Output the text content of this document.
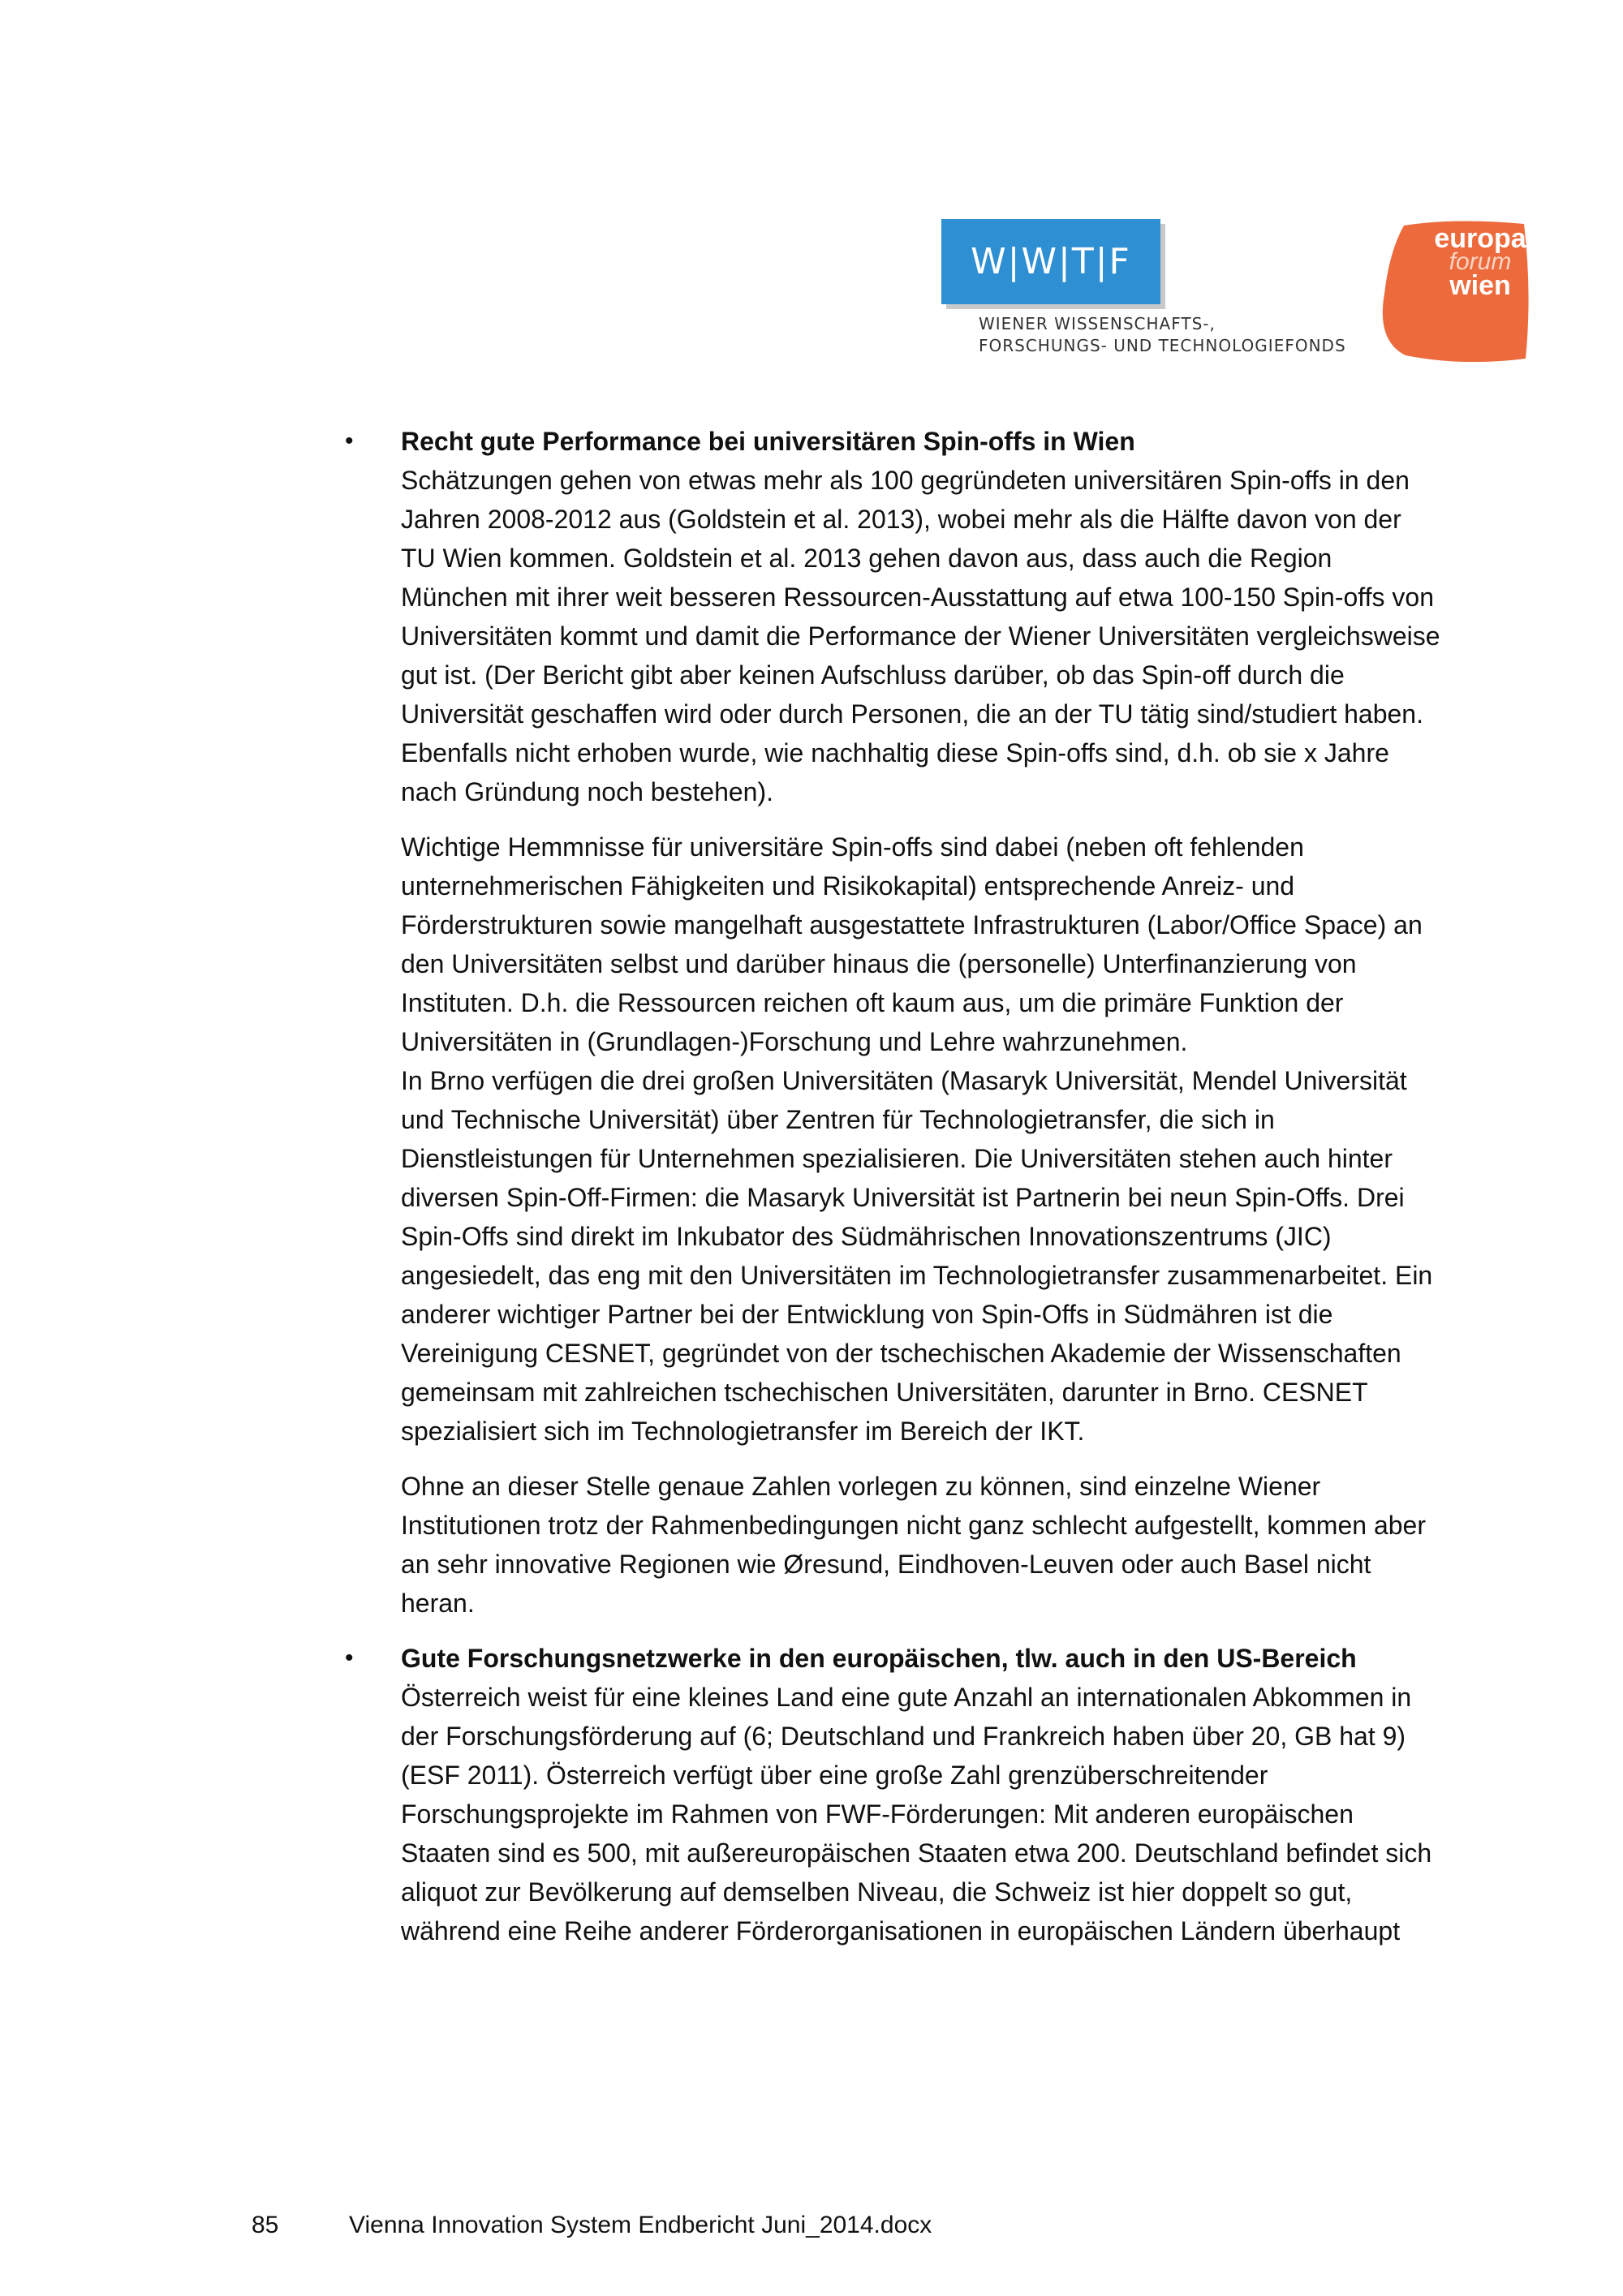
W|W|T|F
WIENER WISSENSCHAFTS-,
FORSCHUNGS- UND TECHNOLOGIEFONDS
europa
forum
wien
• Recht gute Performance bei universitären Spin-offs in Wien
Schätzungen gehen von etwas mehr als 100 gegründeten universitären Spin-offs in den
Jahren 2008-2012 aus (Goldstein et al. 2013), wobei mehr als die Hälfte davon von der
TU Wien kommen. Goldstein et al. 2013 gehen davon aus, dass auch die Region
München mit ihrer weit besseren Ressourcen-Ausstattung auf etwa 100-150 Spin-offs von
Universitäten kommt und damit die Performance der Wiener Universitäten vergleichsweise
gut ist. (Der Bericht gibt aber keinen Aufschluss darüber, ob das Spin-off durch die
Universität geschaffen wird oder durch Personen, die an der TU tätig sind/studiert haben.
Ebenfalls nicht erhoben wurde, wie nachhaltig diese Spin-offs sind, d.h. ob sie x Jahre
nach Gründung noch bestehen).
Wichtige Hemmnisse für universitäre Spin-offs sind dabei (neben oft fehlenden
unternehmerischen Fähigkeiten und Risikokapital) entsprechende Anreiz- und
Förderstrukturen sowie mangelhaft ausgestattete Infrastrukturen (Labor/Office Space) an
den Universitäten selbst und darüber hinaus die (personelle) Unterfinanzierung von
Instituten. D.h. die Ressourcen reichen oft kaum aus, um die primäre Funktion der
Universitäten in (Grundlagen-)Forschung und Lehre wahrzunehmen.
In Brno verfügen die drei großen Universitäten (Masaryk Universität, Mendel Universität
und Technische Universität) über Zentren für Technologietransfer, die sich in
Dienstleistungen für Unternehmen spezialisieren. Die Universitäten stehen auch hinter
diversen Spin-Off-Firmen: die Masaryk Universität ist Partnerin bei neun Spin-Offs. Drei
Spin-Offs sind direkt im Inkubator des Südmährischen Innovationszentrums (JIC)
angesiedelt, das eng mit den Universitäten im Technologietransfer zusammenarbeitet. Ein
anderer wichtiger Partner bei der Entwicklung von Spin-Offs in Südmähren ist die
Vereinigung CESNET, gegründet von der tschechischen Akademie der Wissenschaften
gemeinsam mit zahlreichen tschechischen Universitäten, darunter in Brno. CESNET
spezialisiert sich im Technologietransfer im Bereich der IKT.
Ohne an dieser Stelle genaue Zahlen vorlegen zu können, sind einzelne Wiener
Institutionen trotz der Rahmenbedingungen nicht ganz schlecht aufgestellt, kommen aber
an sehr innovative Regionen wie Øresund, Eindhoven-Leuven oder auch Basel nicht
heran.
• Gute Forschungsnetzwerke in den europäischen, tlw. auch in den US-Bereich
Österreich weist für eine kleines Land eine gute Anzahl an internationalen Abkommen in
der Forschungsförderung auf (6; Deutschland und Frankreich haben über 20, GB hat 9)
(ESF 2011). Österreich verfügt über eine große Zahl grenzüberschreitender
Forschungsprojekte im Rahmen von FWF-Förderungen: Mit anderen europäischen
Staaten sind es 500, mit außereuropäischen Staaten etwa 200. Deutschland befindet sich
aliquot zur Bevölkerung auf demselben Niveau, die Schweiz ist hier doppelt so gut,
während eine Reihe anderer Förderorganisationen in europäischen Ländern überhaupt
85	Vienna Innovation System Endbericht Juni_2014.docx
